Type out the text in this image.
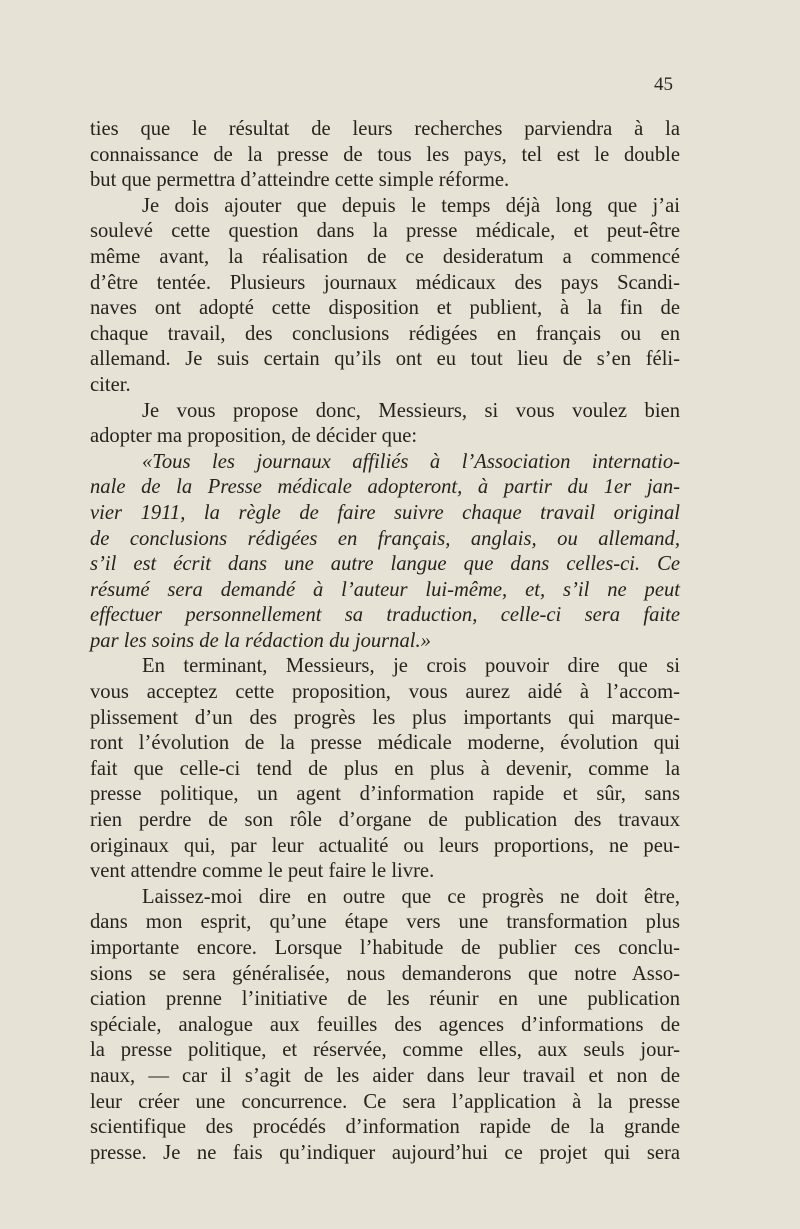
45
ties que le résultat de leurs recherches parviendra à la
connaissance de la presse de tous les pays, tel est le double
but que permettra d’atteindre cette simple réforme.
Je dois ajouter que depuis le temps déjà long que j’ai
soulevé cette question dans la presse médicale, et peut-être
même avant, la réalisation de ce desideratum a commencé
d’être tentée. Plusieurs journaux médicaux des pays Scandi-
naves ont adopté cette disposition et publient, à la fin de
chaque travail, des conclusions rédigées en français ou en
allemand. Je suis certain qu’ils ont eu tout lieu de s’en féli-
citer.
Je vous propose donc, Messieurs, si vous voulez bien
adopter ma proposition, de décider que:
«Tous les journaux affiliés à l’Association internatio-
nale de la Presse médicale adopteront, à partir du 1er jan-
vier 1911, la règle de faire suivre chaque travail original
de conclusions rédigées en français, anglais, ou allemand,
s’il est écrit dans une autre langue que dans celles-ci. Ce
résumé sera demandé à l’auteur lui-même, et, s’il ne peut
effectuer personnellement sa traduction, celle-ci sera faite
par les soins de la rédaction du journal.»
En terminant, Messieurs, je crois pouvoir dire que si
vous acceptez cette proposition, vous aurez aidé à l’accom-
plissement d’un des progrès les plus importants qui marque-
ront l’évolution de la presse médicale moderne, évolution qui
fait que celle-ci tend de plus en plus à devenir, comme la
presse politique, un agent d’information rapide et sûr, sans
rien perdre de son rôle d’organe de publication des travaux
originaux qui, par leur actualité ou leurs proportions, ne peu-
vent attendre comme le peut faire le livre.
Laissez-moi dire en outre que ce progrès ne doit être,
dans mon esprit, qu’une étape vers une transformation plus
importante encore. Lorsque l’habitude de publier ces conclu-
sions se sera généralisée, nous demanderons que notre Asso-
ciation prenne l’initiative de les réunir en une publication
spéciale, analogue aux feuilles des agences d’informations de
la presse politique, et réservée, comme elles, aux seuls jour-
naux, — car il s’agit de les aider dans leur travail et non de
leur créer une concurrence. Ce sera l’application à la presse
scientifique des procédés d’information rapide de la grande
presse. Je ne fais qu’indiquer aujourd’hui ce projet qui sera
